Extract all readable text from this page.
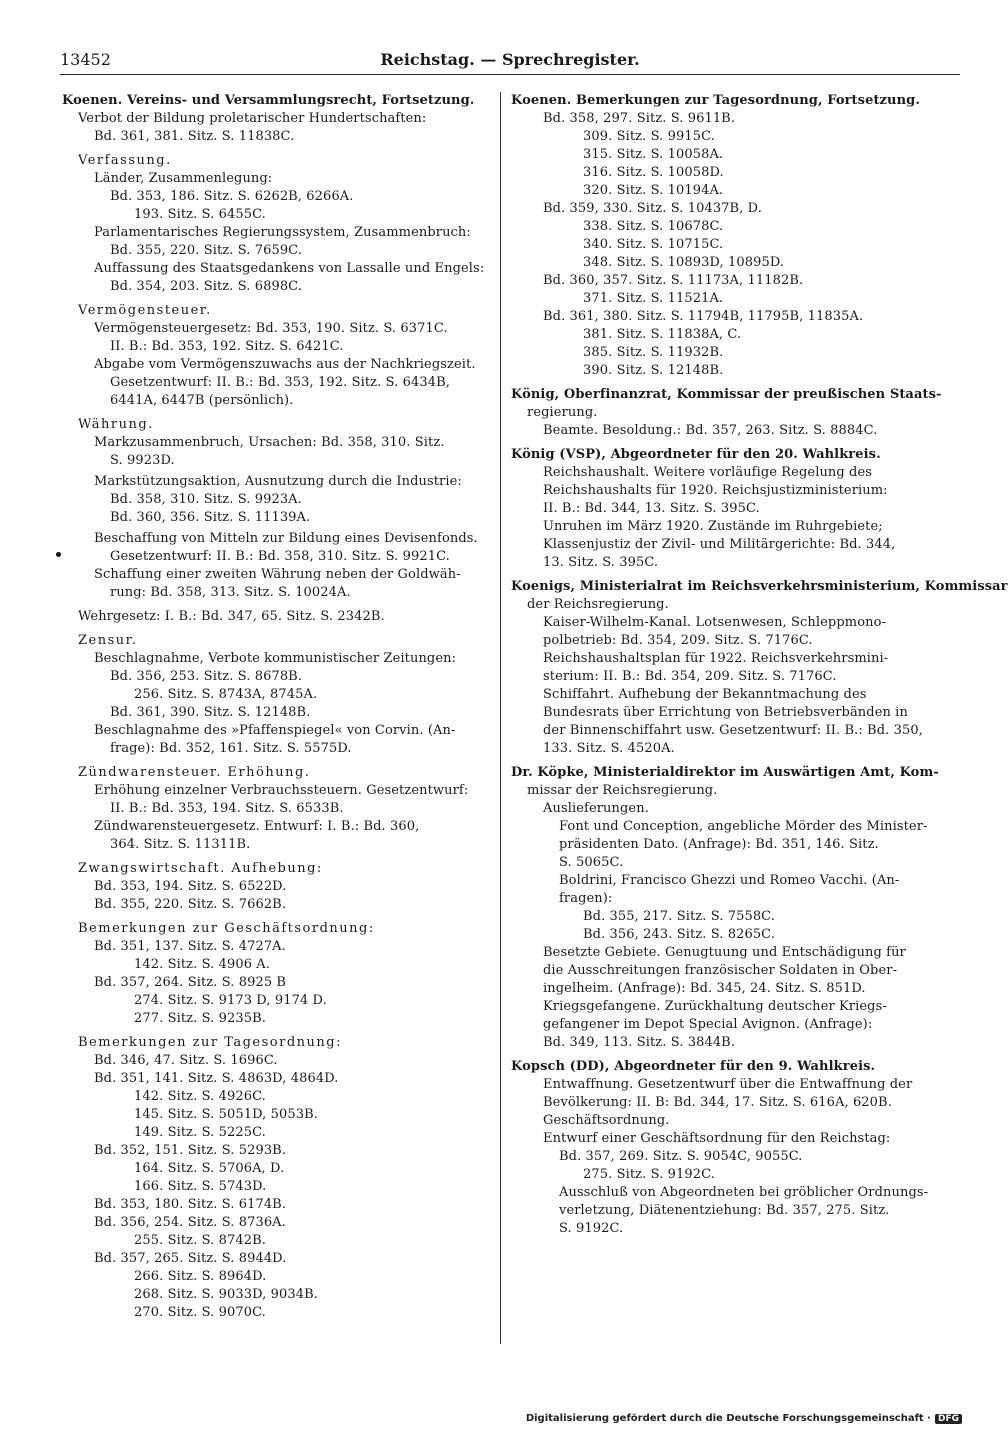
13452	Reichstag. — Sprechregister.
Koenen. Vereins- und Versammlungsrecht, Fortsetzung.
Verbot der Bildung proletarischer Hundertschaften:
Bd. 361, 381. Sitz. S. 11838C.
Verfassung.
Länder, Zusammenlegung:
Bd. 353, 186. Sitz. S. 6262B, 6266A.
193. Sitz. S. 6455C.
Parlamentarisches Regierungssystem, Zusammenbruch:
Bd. 355, 220. Sitz. S. 7659C.
Auffassung des Staatsgedankens von Lassalle und Engels:
Bd. 354, 203. Sitz. S. 6898C.
Vermögensteuer.
Vermögensteuergesetz: Bd. 353, 190. Sitz. S. 6371C.
II. B.: Bd. 353, 192. Sitz. S. 6421C.
Abgabe vom Vermögenszuwachs aus der Nachkriegszeit.
Gesetzentwurf: II. B.: Bd. 353, 192. Sitz. S. 6434B,
6441A, 6447B (persönlich).
Währung.
Markzusammenbruch, Ursachen: Bd. 358, 310. Sitz.
S. 9923D.
Markstützungsaktion, Ausnutzung durch die Industrie:
Bd. 358, 310. Sitz. S. 9923A.
Bd. 360, 356. Sitz. S. 11139A.
Beschaffung von Mitteln zur Bildung eines Devisenfonds.
Gesetzentwurf: II. B.: Bd. 358, 310. Sitz. S. 9921C.
Schaffung einer zweiten Währung neben der Goldwäh-
rung: Bd. 358, 313. Sitz. S. 10024A.
Wehrgesetz: I. B.: Bd. 347, 65. Sitz. S. 2342B.
Zensur.
Beschlagnahme, Verbote kommunistischer Zeitungen:
Bd. 356, 253. Sitz. S. 8678B.
256. Sitz. S. 8743A, 8745A.
Bd. 361, 390. Sitz. S. 12148B.
Beschlagnahme des »Pfaffenspiegel« von Corvin. (An-
frage): Bd. 352, 161. Sitz. S. 5575D.
Zündwarensteuer. Erhöhung.
Erhöhung einzelner Verbrauchssteuern. Gesetzentwurf:
II. B.: Bd. 353, 194. Sitz. S. 6533B.
Zündwarensteuergesetz. Entwurf: I. B.: Bd. 360,
364. Sitz. S. 11311B.
Zwangswirtschaft. Aufhebung:
Bd. 353, 194. Sitz. S. 6522D.
Bd. 355, 220. Sitz. S. 7662B.
Bemerkungen zur Geschäftsordnung:
Bd. 351, 137. Sitz. S. 4727A.
142. Sitz. S. 4906 A.
Bd. 357, 264. Sitz. S. 8925 B
274. Sitz. S. 9173 D, 9174 D.
277. Sitz. S. 9235B.
Bemerkungen zur Tagesordnung:
Bd. 346, 47. Sitz. S. 1696C.
Bd. 351, 141. Sitz. S. 4863D, 4864D.
142. Sitz. S. 4926C.
145. Sitz. S. 5051D, 5053B.
149. Sitz. S. 5225C.
Bd. 352, 151. Sitz. S. 5293B.
164. Sitz. S. 5706A, D.
166. Sitz. S. 5743D.
Bd. 353, 180. Sitz. S. 6174B.
Bd. 356, 254. Sitz. S. 8736A.
255. Sitz. S. 8742B.
Bd. 357, 265. Sitz. S. 8944D.
266. Sitz. S. 8964D.
268. Sitz. S. 9033D, 9034B.
270. Sitz. S. 9070C.
Koenen. Bemerkungen zur Tagesordnung, Fortsetzung.
Bd. 358, 297. Sitz. S. 9611B.
309. Sitz. S. 9915C.
315. Sitz. S. 10058A.
316. Sitz. S. 10058D.
320. Sitz. S. 10194A.
Bd. 359, 330. Sitz. S. 10437B, D.
338. Sitz. S. 10678C.
340. Sitz. S. 10715C.
348. Sitz. S. 10893D, 10895D.
Bd. 360, 357. Sitz. S. 11173A, 11182B.
371. Sitz. S. 11521A.
Bd. 361, 380. Sitz. S. 11794B, 11795B, 11835A.
381. Sitz. S. 11838A, C.
385. Sitz. S. 11932B.
390. Sitz. S. 12148B.
König, Oberfinanzrat, Kommissar der preußischen Staats-
regierung.
Beamte. Besoldung.: Bd. 357, 263. Sitz. S. 8884C.
König (VSP), Abgeordneter für den 20. Wahlkreis.
Reichshaushalt. Weitere vorläufige Regelung des
Reichshaushalts für 1920. Reichsjustizministerium:
II. B.: Bd. 344, 13. Sitz. S. 395C.
Unruhen im März 1920. Zustände im Ruhrgebiete;
Klassenjustiz der Zivil- und Militärgerichte: Bd. 344,
13. Sitz. S. 395C.
Koenigs, Ministerialrat im Reichsverkehrsministerium, Kommissar
der Reichsregierung.
Kaiser-Wilhelm-Kanal. Lotsenwesen, Schleppmono-
polbetrieb: Bd. 354, 209. Sitz. S. 7176C.
Reichshaushaltsplan für 1922. Reichsverkehrsmini-
sterium: II. B.: Bd. 354, 209. Sitz. S. 7176C.
Schiffahrt. Aufhebung der Bekanntmachung des
Bundesrats über Errichtung von Betriebsverbänden in
der Binnenschiffahrt usw. Gesetzentwurf: II. B.: Bd. 350,
133. Sitz. S. 4520A.
Dr. Köpke, Ministerialdirektor im Auswärtigen Amt, Kom-
missar der Reichsregierung.
Auslieferungen.
Font und Conception, angebliche Mörder des Minister-
präsidenten Dato. (Anfrage): Bd. 351, 146. Sitz.
S. 5065C.
Boldrini, Francisco Ghezzi und Romeo Vacchi. (An-
fragen):
Bd. 355, 217. Sitz. S. 7558C.
Bd. 356, 243. Sitz. S. 8265C.
Besetzte Gebiete. Genugtuung und Entschädigung für
die Ausschreitungen französischer Soldaten in Ober-
ingelheim. (Anfrage): Bd. 345, 24. Sitz. S. 851D.
Kriegsgefangene. Zurückhaltung deutscher Kriegs-
gefangener im Depot Special Avignon. (Anfrage):
Bd. 349, 113. Sitz. S. 3844B.
Kopsch (DD), Abgeordneter für den 9. Wahlkreis.
Entwaffnung. Gesetzentwurf über die Entwaffnung der
Bevölkerung: II. B: Bd. 344, 17. Sitz. S. 616A, 620B.
Geschäftsordnung.
Entwurf einer Geschäftsordnung für den Reichstag:
Bd. 357, 269. Sitz. S. 9054C, 9055C.
275. Sitz. S. 9192C.
Ausschluß von Abgeordneten bei gröblicher Ordnungs-
verletzung, Diätenentziehung: Bd. 357, 275. Sitz.
S. 9192C.
Digitalisierung gefördert durch die Deutsche Forschungsgemeinschaft · DFG
